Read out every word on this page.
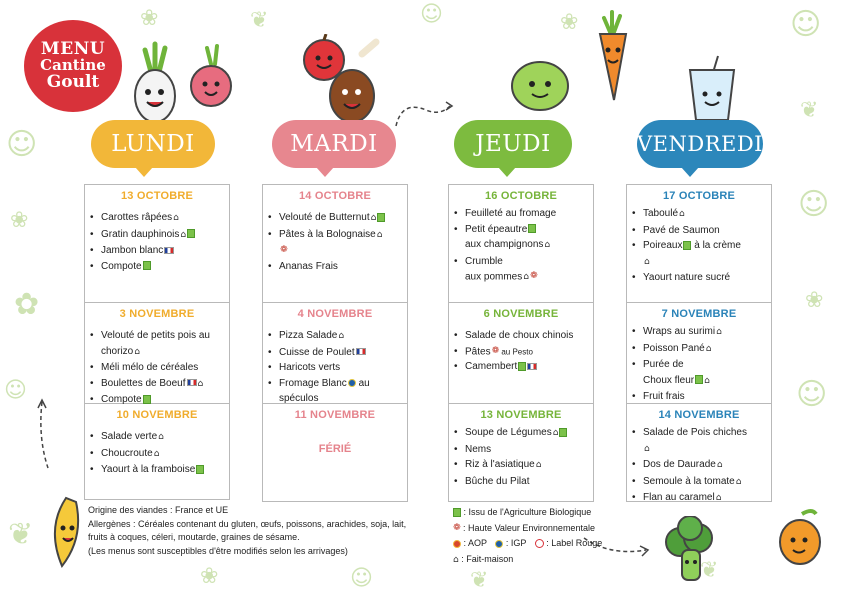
☺
❀
✿
☺
❦
❀	❦	☺	❀	☺
❦
☺
❀
☺
❦
❀	☺	❦
MENU
Cantine
Goult
LUNDI	MARDI	JEUDI	VENDREDI
13 OCTOBRE
• Carottes râpées⌂
• Gratin dauphinois⌂
• Jambon blanc
• Compote
3 NOVEMBRE
• Velouté de petits pois au
chorizo⌂
• Méli mélo de céréales
• Boulettes de Boeuf ⌂
• Compote
10 NOVEMBRE
• Salade verte⌂
• Choucroute⌂
• Yaourt à la framboise
14 OCTOBRE
• Velouté de Butternut⌂
• Pâtes à la Bolognaise⌂
❁
• Ananas Frais
4 NOVEMBRE
• Pizza Salade⌂
• Cuisse de Poulet
• Haricots verts
• Fromage Blanc au
spéculos
11 NOVEMBRE
FÉRIÉ
16 OCTOBRE
• Feuilleté au fromage
• Petit épeautre
aux champignons⌂
• Crumble
aux pommes⌂❁
6 NOVEMBRE
• Salade de choux chinois
• Pâtes❁ au Pesto
• Camembert
13 NOVEMBRE
• Soupe de Légumes⌂
• Nems
• Riz à l'asiatique⌂
• Bûche du Pilat
17 OCTOBRE
• Taboulé⌂
• Pavé de Saumon
• Poireaux à la crème
⌂
• Yaourt nature sucré
7 NOVEMBRE
• Wraps au surimi⌂
• Poisson Pané⌂
• Purée de
Choux fleur ⌂
• Fruit frais
14 NOVEMBRE
• Salade de Pois chiches
⌂
• Dos de Daurade⌂
• Semoule à la tomate⌂
• Flan au caramel⌂
Origine des viandes : France et UE
Allergènes : Céréales contenant du gluten, œufs, poissons, arachides, soja, lait, fruits à coques, céleri, moutarde, graines de sésame.
(Les menus sont susceptibles d'être modifiés selon les arrivages)
: Issu de l'Agriculture Biologique
❁ : Haute Valeur Environnementale
: AOP    : IGP    : Label Rouge
⌂ : Fait-maison
